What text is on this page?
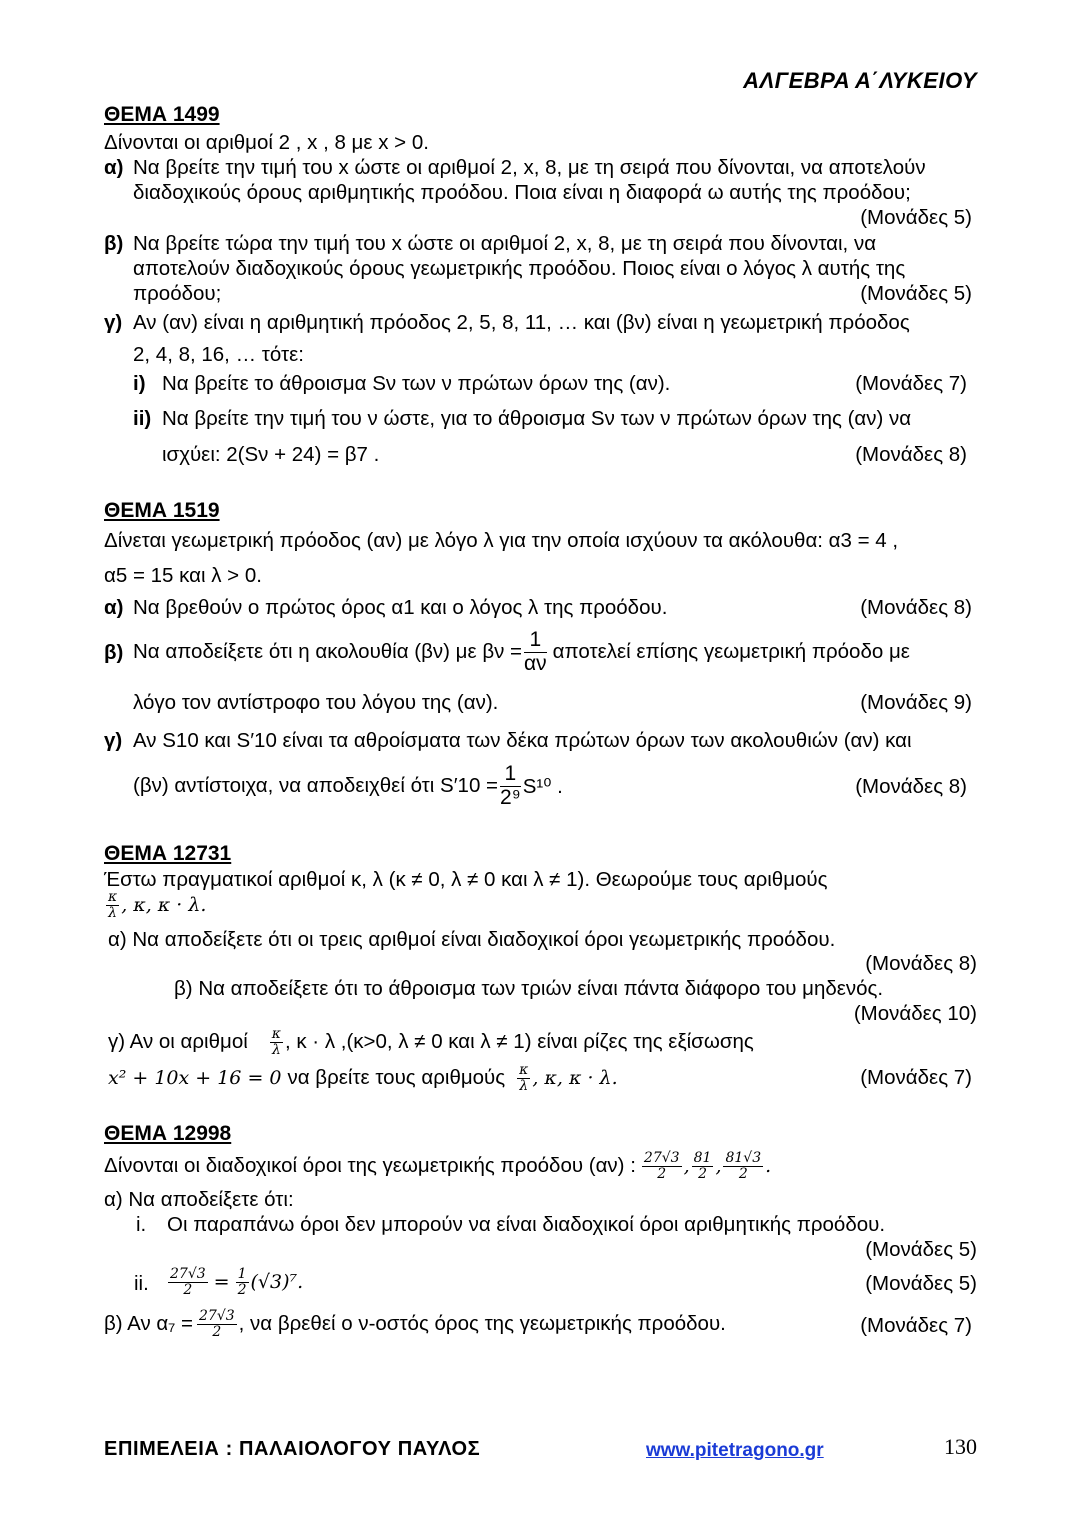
ΑΛΓΕΒΡΑ Α΄ΛΥΚΕΙΟΥ
ΘΕΜΑ 1499
Δίνονται οι αριθμοί 2 , x , 8 με x > 0.
α) Να βρείτε την τιμή του x ώστε οι αριθμοί 2, x, 8, με τη σειρά που δίνονται, να αποτελούν
διαδοχικούς όρους αριθμητικής προόδου. Ποια είναι η διαφορά ω αυτής της προόδου;
(Μονάδες 5)
β) Να βρείτε τώρα την τιμή του x ώστε οι αριθμοί 2, x, 8, με τη σειρά που δίνονται, να
αποτελούν διαδοχικούς όρους γεωμετρικής προόδου. Ποιος είναι ο λόγος λ αυτής της
προόδου;	(Μονάδες 5)
γ) Αν (αν) είναι η αριθμητική πρόοδος 2, 5, 8, 11, … και (βν) είναι η γεωμετρική πρόοδος
2, 4, 8, 16, … τότε:
i) Να βρείτε το άθροισμα Sν των ν πρώτων όρων της (αν).	(Μονάδες 7)
ii) Να βρείτε την τιμή του ν ώστε, για το άθροισμα Sν των ν πρώτων όρων της (αν) να
ισχύει: 2(Sν + 24) = β7 .	(Μονάδες 8)
ΘΕΜΑ 1519
Δίνεται γεωμετρική πρόοδος (αν) με λόγο λ για την οποία ισχύουν τα ακόλουθα: α3 = 4 ,
α5 = 15 και λ > 0.
α) Να βρεθούν ο πρώτος όρος α1 και ο λόγος λ της προόδου.	(Μονάδες 8)
β) Να αποδείξετε ότι η ακολουθία (βν) με $\beta\nu = \frac{1}{\alpha\nu}$ αποτελεί επίσης γεωμετρική πρόοδο με
λόγο τον αντίστροφο του λόγου της (αν).	(Μονάδες 9)
γ) Αν S10 και S′10 είναι τα αθροίσματα των δέκα πρώτων όρων των ακολουθιών (αν) και
(βν) αντίστοιχα, να αποδειχθεί ότι $S'10 = \frac{1}{\text{2⁹}} S^{10}$ .	(Μονάδες 8)
ΘΕΜΑ 12731
Έστω πραγματικοί αριθμοί κ, λ (κ ≠ 0, λ ≠ 0 και λ ≠ 1). Θεωρούμε τους αριθμούς
$\frac{\kappa}{\lambda}$ , κ, κ · λ.
α) Να αποδείξετε ότι οι τρεις αριθμοί είναι διαδοχικοί όροι γεωμετρικής προόδου.
(Μονάδες 8)
β) Να αποδείξετε ότι το άθροισμα των τριών είναι πάντα διάφορο του μηδενός.
(Μονάδες 10)
γ) Αν οι αριθμοί $\frac{\kappa}{\lambda}$ , κ · λ ,(κ>0, λ ≠ 0 και λ ≠ 1) είναι ρίζες της εξίσωσης
x² + 10x + 16 = 0 να βρείτε τους αριθμούς $\frac{\kappa}{\lambda}$ , κ, κ · λ.	(Μονάδες 7)
ΘΕΜΑ 12998
Δίνονται οι διαδοχικοί όροι της γεωμετρικής προόδου (αν) : $\frac{27√3}{2}$ , $\frac{81}{2}$ , $\frac{81√3}{2}$ .
α) Να αποδείξετε ότι:
i. Οι παραπάνω όροι δεν μπορούν να είναι διαδοχικοί όροι αριθμητικής προόδου.
(Μονάδες 5)
ii. $\frac{27√3}{2} = \frac{1}{2} (√3)^7$.	(Μονάδες 5)
β) Αν $\alpha_7 = \frac{27√3}{2}$ , να βρεθεί ο ν-οστός όρος της γεωμετρικής προόδου.	(Μονάδες 7)
ΕΠΙΜΕΛΕΙΑ : ΠΑΛΑΙΟΛΟΓΟΥ ΠΑΥΛΟΣ	www.pitetragono.gr	130
